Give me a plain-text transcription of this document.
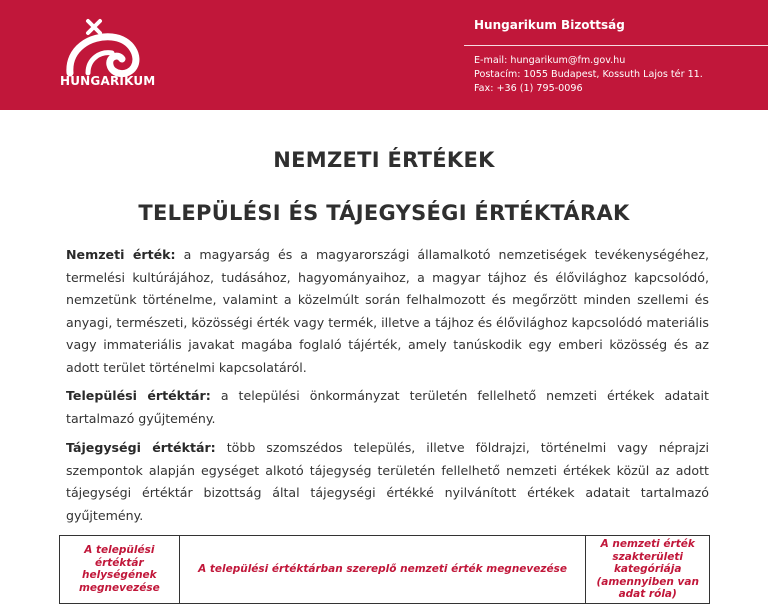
HUNGARIKUM
Hungarikum Bizottság
E-mail: hungarikum@fm.gov.hu
Postacím: 1055 Budapest, Kossuth Lajos tér 11.
Fax: +36 (1) 795-0096
NEMZETI ÉRTÉKEK
TELEPÜLÉSI ÉS TÁJEGYSÉGI ÉRTÉKTÁRAK
Nemzeti érték: a magyarság és a magyarországi államalkotó nemzetiségek tevékenységéhez, termelési kultúrájához, tudásához, hagyományaihoz, a magyar tájhoz és élővilághoz kapcsolódó, nemzetünk történelme, valamint a közelmúlt során felhalmozott és megőrzött minden szellemi és anyagi, természeti, közösségi érték vagy termék, illetve a tájhoz és élővilághoz kapcsolódó materiális vagy immateriális javakat magába foglaló tájérték, amely tanúskodik egy emberi közösség és az adott terület történelmi kapcsolatáról.
Települési értéktár: a települési önkormányzat területén fellelhető nemzeti értékek adatait tartalmazó gyűjtemény.
Tájegységi értéktár: több szomszédos település, illetve földrajzi, történelmi vagy néprajzi szempontok alapján egységet alkotó tájegység területén fellelhető nemzeti értékek közül az adott tájegységi értéktár bizottság által tájegységi értékké nyilvánított értékek adatait tartalmazó gyűjtemény.
A települési értéktár helységének megnevezése	A települési értéktárban szereplő nemzeti érték megnevezése	A nemzeti érték szakterületi kategóriája (amennyiben van adat róla)
